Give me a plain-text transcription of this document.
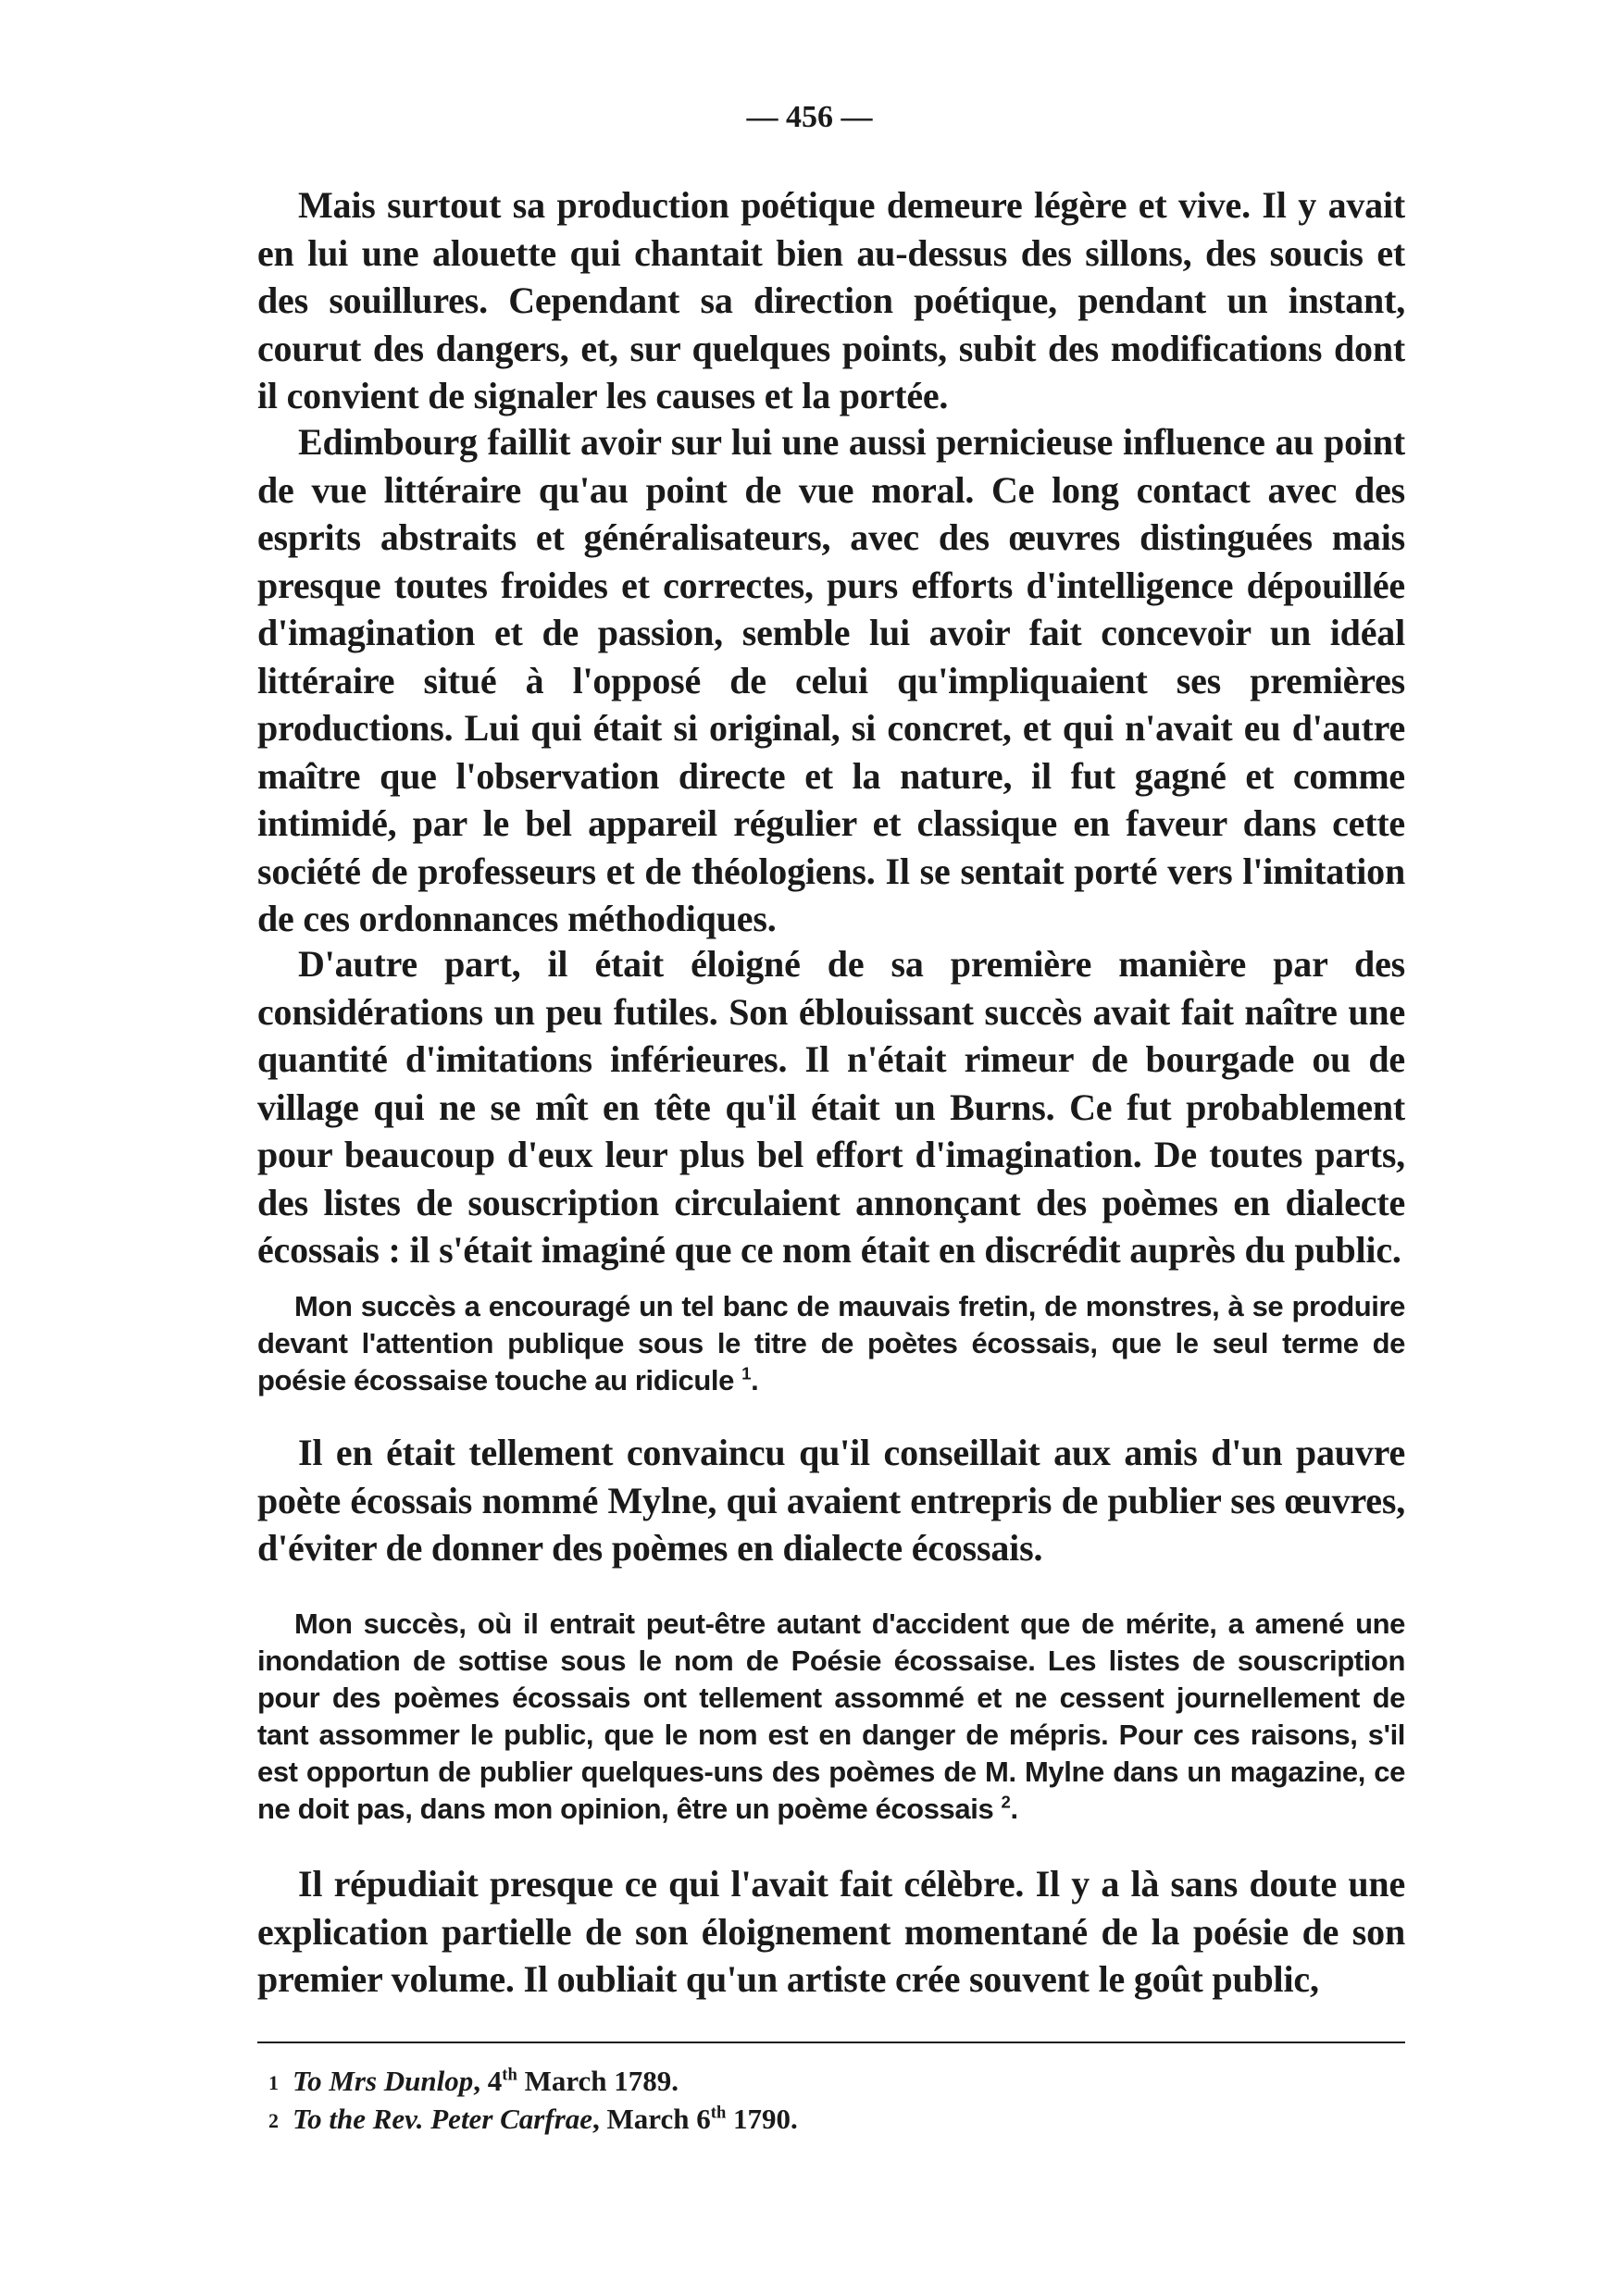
— 456 —

Mais surtout sa production poétique demeure légère et vive. Il y avait en lui une alouette qui chantait bien au-dessus des sillons, des soucis et des souillures. Cependant sa direction poétique, pendant un instant, courut des dangers, et, sur quelques points, subit des modifications dont il convient de signaler les causes et la portée.

Edimbourg faillit avoir sur lui une aussi pernicieuse influence au point de vue littéraire qu'au point de vue moral. Ce long contact avec des esprits abstraits et généralisateurs, avec des œuvres distinguées mais presque toutes froides et correctes, purs efforts d'intelligence dépouillée d'imagination et de passion, semble lui avoir fait concevoir un idéal littéraire situé à l'opposé de celui qu'impliquaient ses premières productions. Lui qui était si original, si concret, et qui n'avait eu d'autre maître que l'observation directe et la nature, il fut gagné et comme intimidé, par le bel appareil régulier et classique en faveur dans cette société de professeurs et de théologiens. Il se sentait porté vers l'imitation de ces ordonnances méthodiques.

D'autre part, il était éloigné de sa première manière par des considérations un peu futiles. Son éblouissant succès avait fait naître une quantité d'imitations inférieures. Il n'était rimeur de bourgade ou de village qui ne se mît en tête qu'il était un Burns. Ce fut probablement pour beaucoup d'eux leur plus bel effort d'imagination. De toutes parts, des listes de souscription circulaient annonçant des poèmes en dialecte écossais : il s'était imaginé que ce nom était en discrédit auprès du public.

Mon succès a encouragé un tel banc de mauvais fretin, de monstres, à se produire devant l'attention publique sous le titre de poètes écossais, que le seul terme de poésie écossaise touche au ridicule $^1$.

Il en était tellement convaincu qu'il conseillait aux amis d'un pauvre poète écossais nommé Mylne, qui avaient entrepris de publier ses œuvres, d'éviter de donner des poèmes en dialecte écossais.

Mon succès, où il entrait peut-être autant d'accident que de mérite, a amené une inondation de sottise sous le nom de Poésie écossaise. Les listes de souscription pour des poèmes écossais ont tellement assommé et ne cessent journellement de tant assommer le public, que le nom est en danger de mépris. Pour ces raisons, s'il est opportun de publier quelques-uns des poèmes de M. Mylne dans un magazine, ce ne doit pas, dans mon opinion, être un poème écossais $^2$.

Il répudiait presque ce qui l'avait fait célèbre. Il y a là sans doute une explication partielle de son éloignement momentané de la poésie de son premier volume. Il oubliait qu'un artiste crée souvent le goût public,

1 To Mrs Dunlop, 4th March 1789.
2 To the Rev. Peter Carfrae, March 6th 1790.
